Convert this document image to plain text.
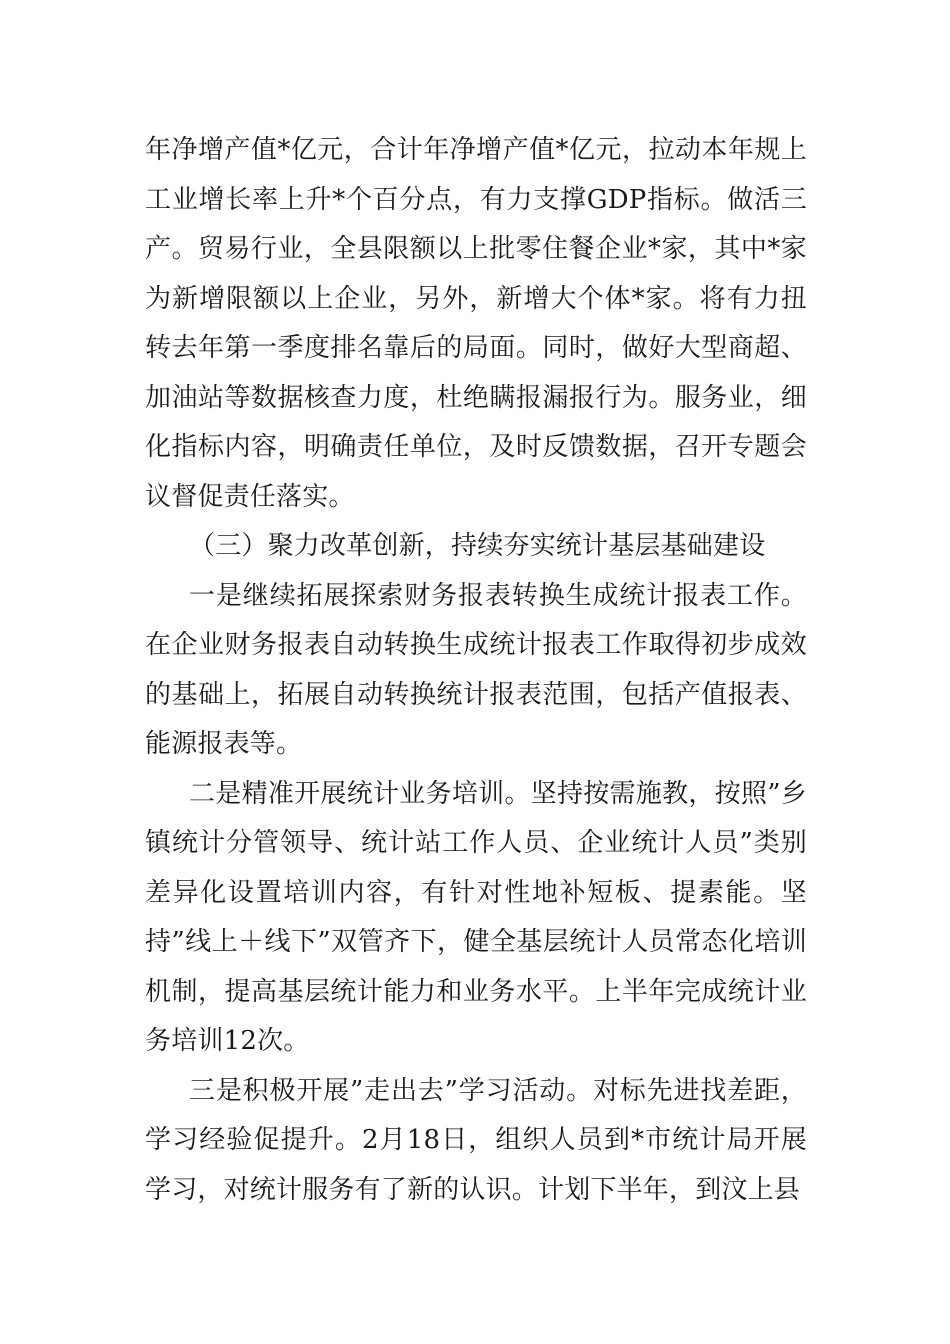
年净增产值*亿元，合计年净增产值*亿元，拉动本年规上工业增长率上升*个百分点，有力支撑GDP指标。做活三产。贸易行业，全县限额以上批零住餐企业*家，其中*家为新增限额以上企业，另外，新增大个体*家。将有力扭转去年第一季度排名靠后的局面。同时，做好大型商超、加油站等数据核查力度，杜绝瞒报漏报行为。服务业，细化指标内容，明确责任单位，及时反馈数据，召开专题会议督促责任落实。

（三）聚力改革创新，持续夯实统计基层基础建设

一是继续拓展探索财务报表转换生成统计报表工作。在企业财务报表自动转换生成统计报表工作取得初步成效的基础上，拓展自动转换统计报表范围，包括产值报表、能源报表等。

二是精准开展统计业务培训。坚持按需施教，按照”乡镇统计分管领导、统计站工作人员、企业统计人员”类别差异化设置培训内容，有针对性地补短板、提素能。坚持”线上＋线下”双管齐下，健全基层统计人员常态化培训机制，提高基层统计能力和业务水平。上半年完成统计业务培训12次。

三是积极开展”走出去”学习活动。对标先进找差距，学习经验促提升。2月18日，组织人员到*市统计局开展学习，对统计服务有了新的认识。计划下半年，到汶上县
